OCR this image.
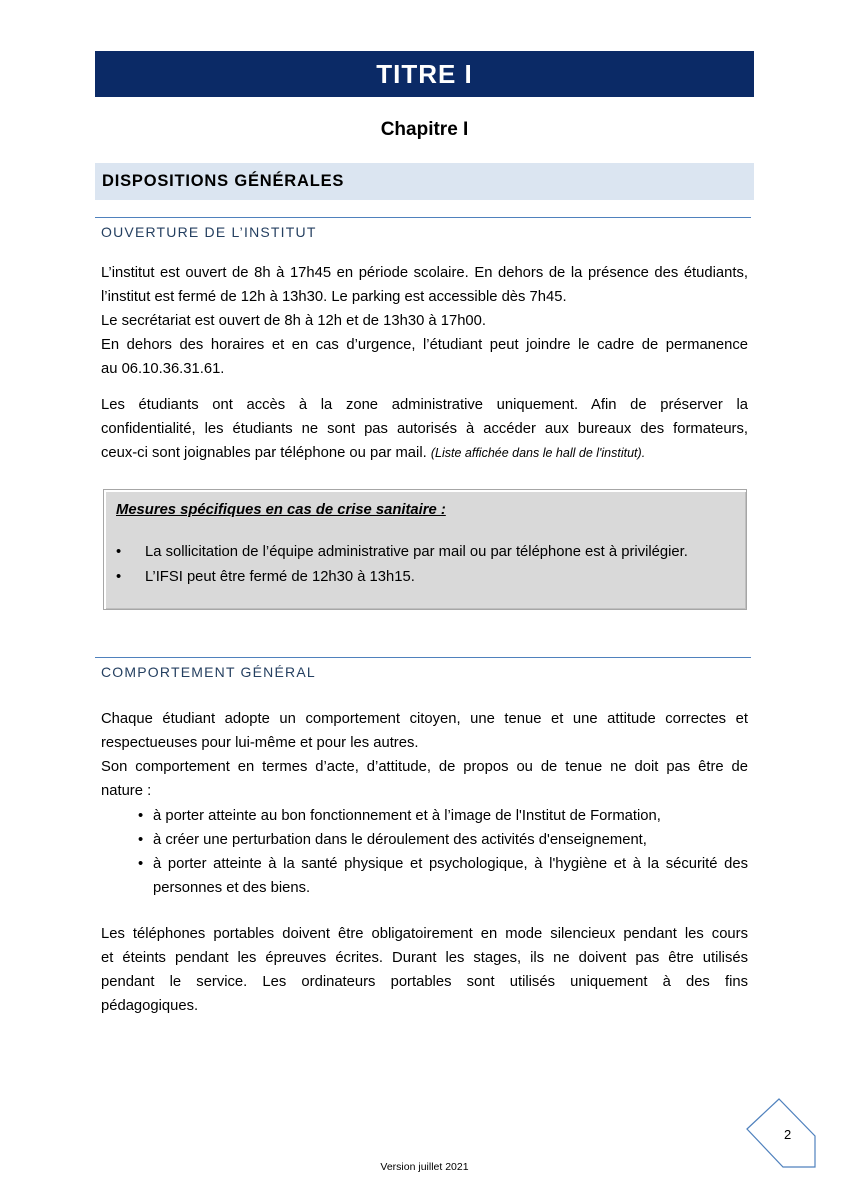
TITRE I
Chapitre I
DISPOSITIONS GÉNÉRALES
OUVERTURE DE L’INSTITUT

L’institut est ouvert de 8h à 17h45 en période scolaire. En dehors de la présence des étudiants,
l’institut est fermé de 12h à 13h30. Le parking est accessible dès 7h45.
Le secrétariat est ouvert de 8h à 12h et de 13h30 à 17h00.
En dehors des horaires et en cas d’urgence, l’étudiant peut joindre le cadre de permanence
au 06.10.36.31.61.

Les étudiants ont accès à la zone administrative uniquement. Afin de préserver la
confidentialité, les étudiants ne sont pas autorisés à accéder aux bureaux des formateurs,
ceux-ci sont joignables par téléphone ou par mail. (Liste affichée dans le hall de l'institut).

Mesures spécifiques en cas de crise sanitaire :
• La sollicitation de l’équipe administrative par mail ou par téléphone est à privilégier.
• L’IFSI peut être fermé de 12h30 à 13h15.
COMPORTEMENT GÉNÉRAL

Chaque étudiant adopte un comportement citoyen, une tenue et une attitude correctes et
respectueuses pour lui-même et pour les autres.
Son comportement en termes d’acte, d’attitude, de propos ou de tenue ne doit pas être de
nature :

• à porter atteinte au bon fonctionnement et à l’image de l'Institut de Formation,
• à créer une perturbation dans le déroulement des activités d'enseignement,
• à porter atteinte à la santé physique et psychologique, à l'hygiène et à la sécurité des personnes et des biens.

Les téléphones portables doivent être obligatoirement en mode silencieux pendant les cours
et éteints pendant les épreuves écrites. Durant les stages, ils ne doivent pas être utilisés
pendant le service. Les ordinateurs portables sont utilisés uniquement à des fins
pédagogiques.

2
Version juillet 2021
